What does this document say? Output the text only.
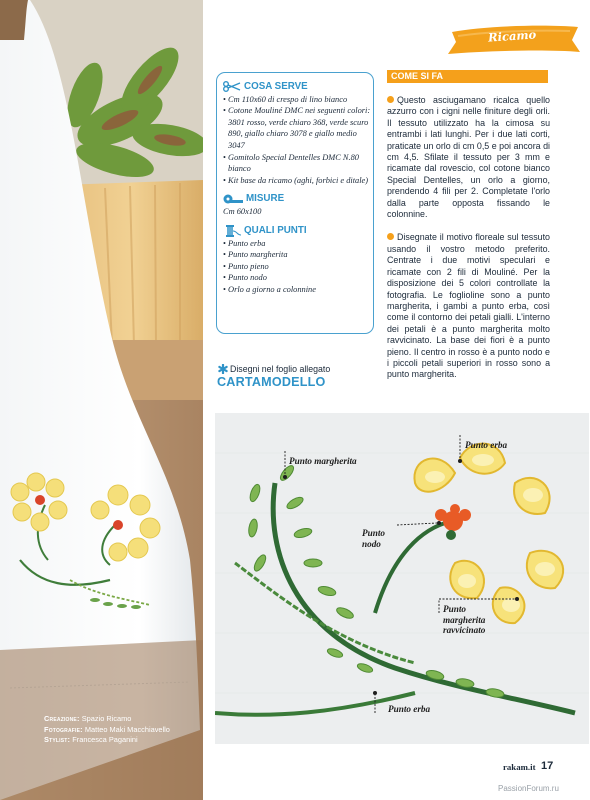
Creazione: Spazio Ricamo
Fotografie: Matteo Maki Macchiavello
Stylist: Francesca Paganini
Ricamo
COSA SERVE
• Cm 110x60 di crespo di lino bianco
• Cotone Mouliné DMC nei seguenti colori: 3801 rosso, verde chiaro 368, verde scuro 890, giallo chiaro 3078 e giallo medio 3047
• Gomitolo Special Dentelles DMC N.80 bianco
• Kit base da ricamo (aghi, forbici e ditale)
MISURE
Cm 60x100
QUALI PUNTI
• Punto erba
• Punto margherita
• Punto pieno
• Punto nodo
• Orlo a giorno a colonnine
Disegni nel foglio allegato
CARTAMODELLO
COME SI FA

Questo asciugamano ricalca quello azzurro con i cigni nelle finiture degli orli. Il tessuto utilizzato ha la cimosa su entrambi i lati lunghi. Per i due lati corti, praticate un orlo di cm 0,5 e poi ancora di cm 4,5. Sfilate il tessuto per 3 mm e ricamate dal rovescio, col cotone bianco Special Dentelles, un orlo a giorno, prendendo 4 fili per 2. Completate l'orlo dalla parte opposta fissando le colonnine.

Disegnate il motivo floreale sul tessuto usando il vostro metodo preferito. Centrate i due motivi speculari e ricamate con 2 fili di Mouliné. Per la disposizione dei 5 colori controllate la fotografia. Le foglioline sono a punto margherita, i gambi a punto erba, così come il contorno dei petali gialli. L'interno dei petali è a punto margherita molto ravvicinato. La base dei fiori è a punto pieno. Il centro in rosso è a punto nodo e i piccoli petali superiori in rosso sono a punto margherita.

Punto margherita
Punto erba
Punto nodo
Punto margherita ravvicinato
Punto erba
rakam.it 17
PassionForum.ru
